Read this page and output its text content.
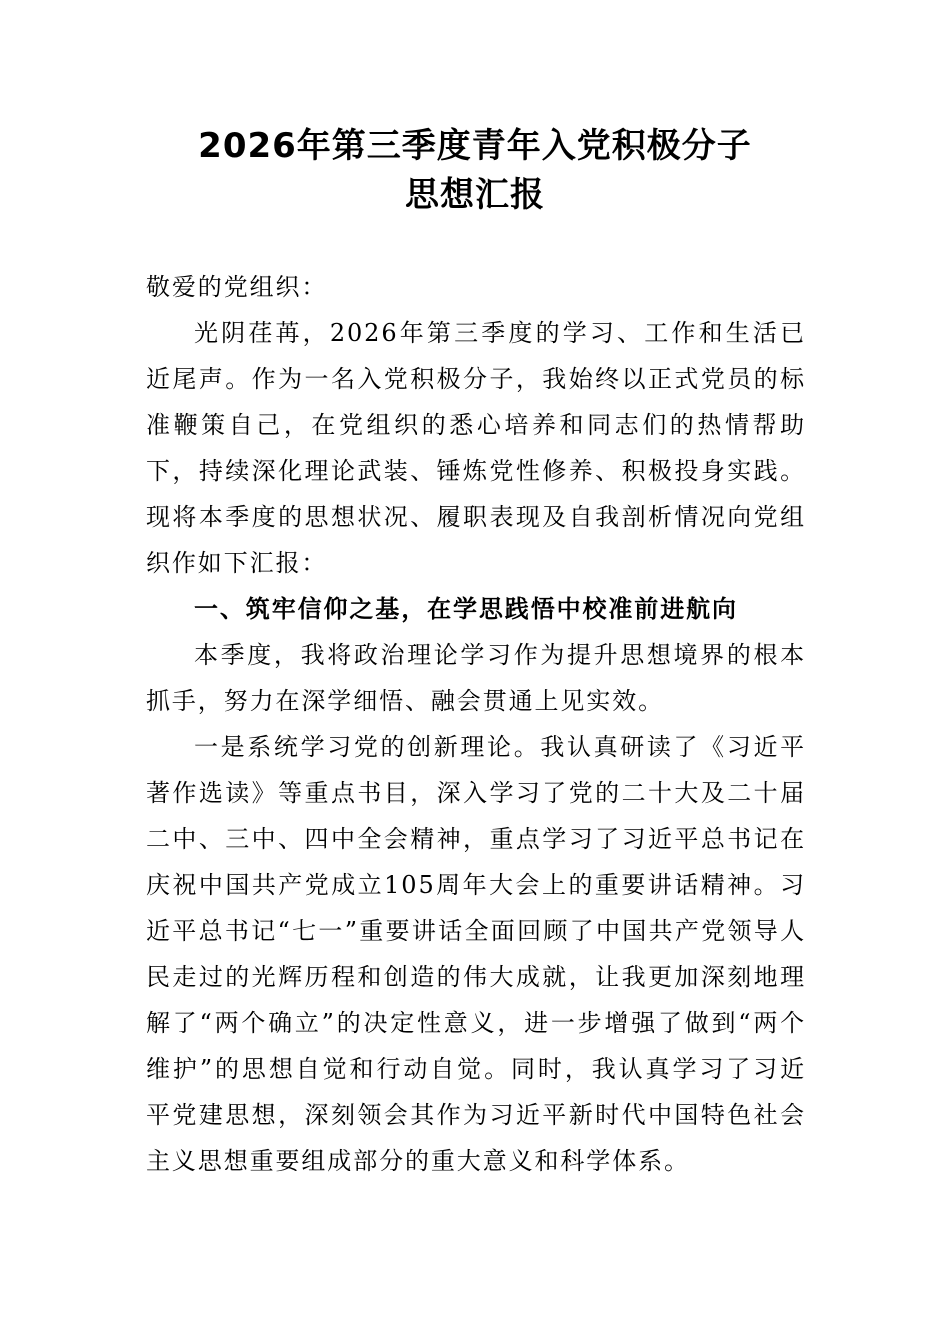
2026年第三季度青年入党积极分子
思想汇报

敬爱的党组织：

光阴荏苒，2026年第三季度的学习、工作和生活已近尾声。作为一名入党积极分子，我始终以正式党员的标准鞭策自己，在党组织的悉心培养和同志们的热情帮助下，持续深化理论武装、锤炼党性修养、积极投身实践。现将本季度的思想状况、履职表现及自我剖析情况向党组织作如下汇报：

一、筑牢信仰之基，在学思践悟中校准前进航向

本季度，我将政治理论学习作为提升思想境界的根本抓手，努力在深学细悟、融会贯通上见实效。

一是系统学习党的创新理论。我认真研读了《习近平著作选读》等重点书目，深入学习了党的二十大及二十届二中、三中、四中全会精神，重点学习了习近平总书记在庆祝中国共产党成立105周年大会上的重要讲话精神。习近平总书记“七一”重要讲话全面回顾了中国共产党领导人民走过的光辉历程和创造的伟大成就，让我更加深刻地理解了“两个确立”的决定性意义，进一步增强了做到“两个维护”的思想自觉和行动自觉。同时，我认真学习了习近平党建思想，深刻领会其作为习近平新时代中国特色社会主义思想重要组成部分的重大意义和科学体系。
